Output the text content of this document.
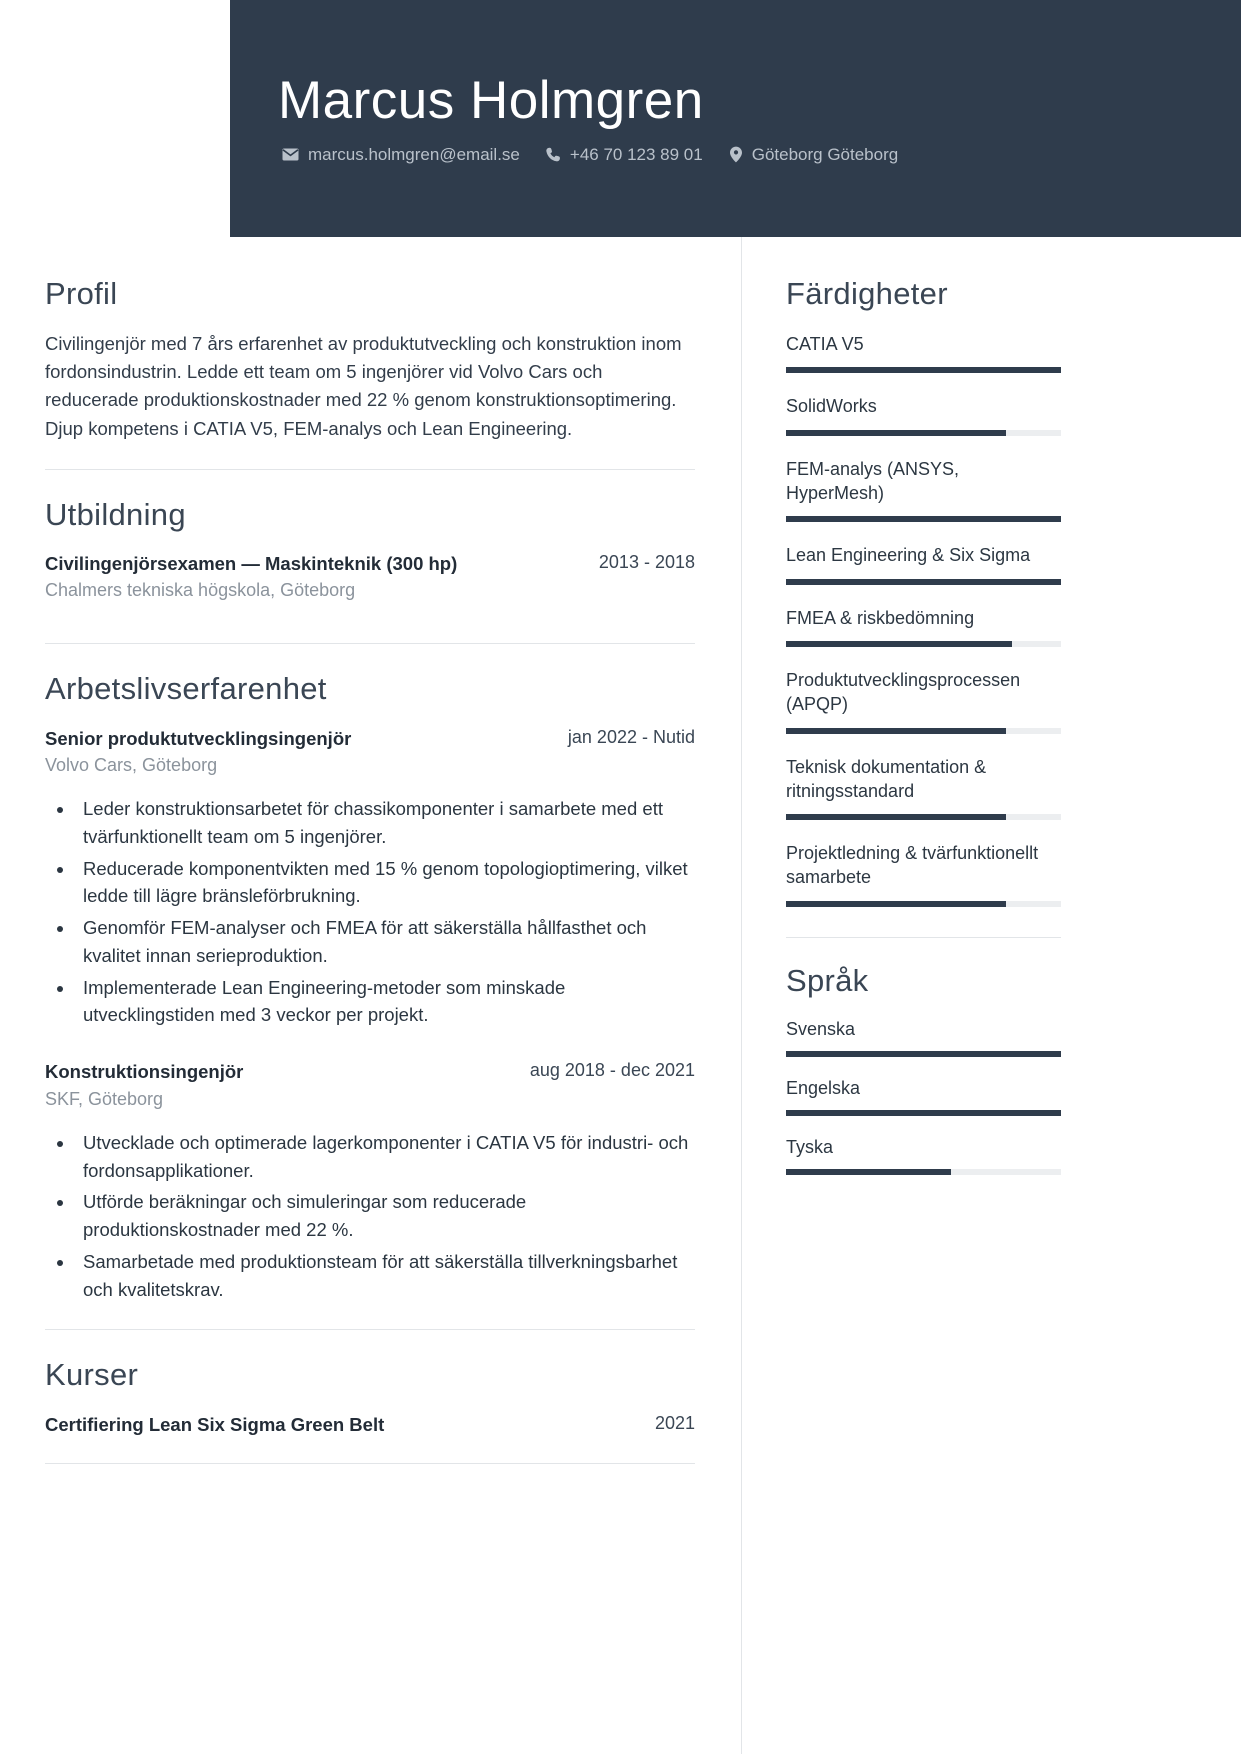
Marcus Holmgren
marcus.holmgren@email.se	+46 70 123 89 01	Göteborg Göteborg
Profil
Civilingenjör med 7 års erfarenhet av produktutveckling och konstruktion inom fordonsindustrin. Ledde ett team om 5 ingenjörer vid Volvo Cars och reducerade produktionskostnader med 22 % genom konstruktionsoptimering. Djup kompetens i CATIA V5, FEM-analys och Lean Engineering.
Utbildning
Civilingenjörsexamen — Maskinteknik (300 hp)	2013 - 2018
Chalmers tekniska högskola, Göteborg
Arbetslivserfarenhet
Senior produktutvecklingsingenjör	jan 2022 - Nutid
Volvo Cars, Göteborg
• Leder konstruktionsarbetet för chassikomponenter i samarbete med ett tvärfunktionellt team om 5 ingenjörer.
• Reducerade komponentvikten med 15 % genom topologioptimering, vilket ledde till lägre bränsleförbrukning.
• Genomför FEM-analyser och FMEA för att säkerställa hållfasthet och kvalitet innan serieproduktion.
• Implementerade Lean Engineering-metoder som minskade utvecklingstiden med 3 veckor per projekt.
Konstruktionsingenjör	aug 2018 - dec 2021
SKF, Göteborg
• Utvecklade och optimerade lagerkomponenter i CATIA V5 för industri- och fordonsapplikationer.
• Utförde beräkningar och simuleringar som reducerade produktionskostnader med 22 %.
• Samarbetade med produktionsteam för att säkerställa tillverkningsbarhet och kvalitetskrav.
Kurser
Certifiering Lean Six Sigma Green Belt	2021
Färdigheter
CATIA V5
SolidWorks
FEM-analys (ANSYS, HyperMesh)
Lean Engineering & Six Sigma
FMEA & riskbedömning
Produktutvecklingsprocessen (APQP)
Teknisk dokumentation & ritningsstandard
Projektledning & tvärfunktionellt samarbete
Språk
Svenska
Engelska
Tyska
